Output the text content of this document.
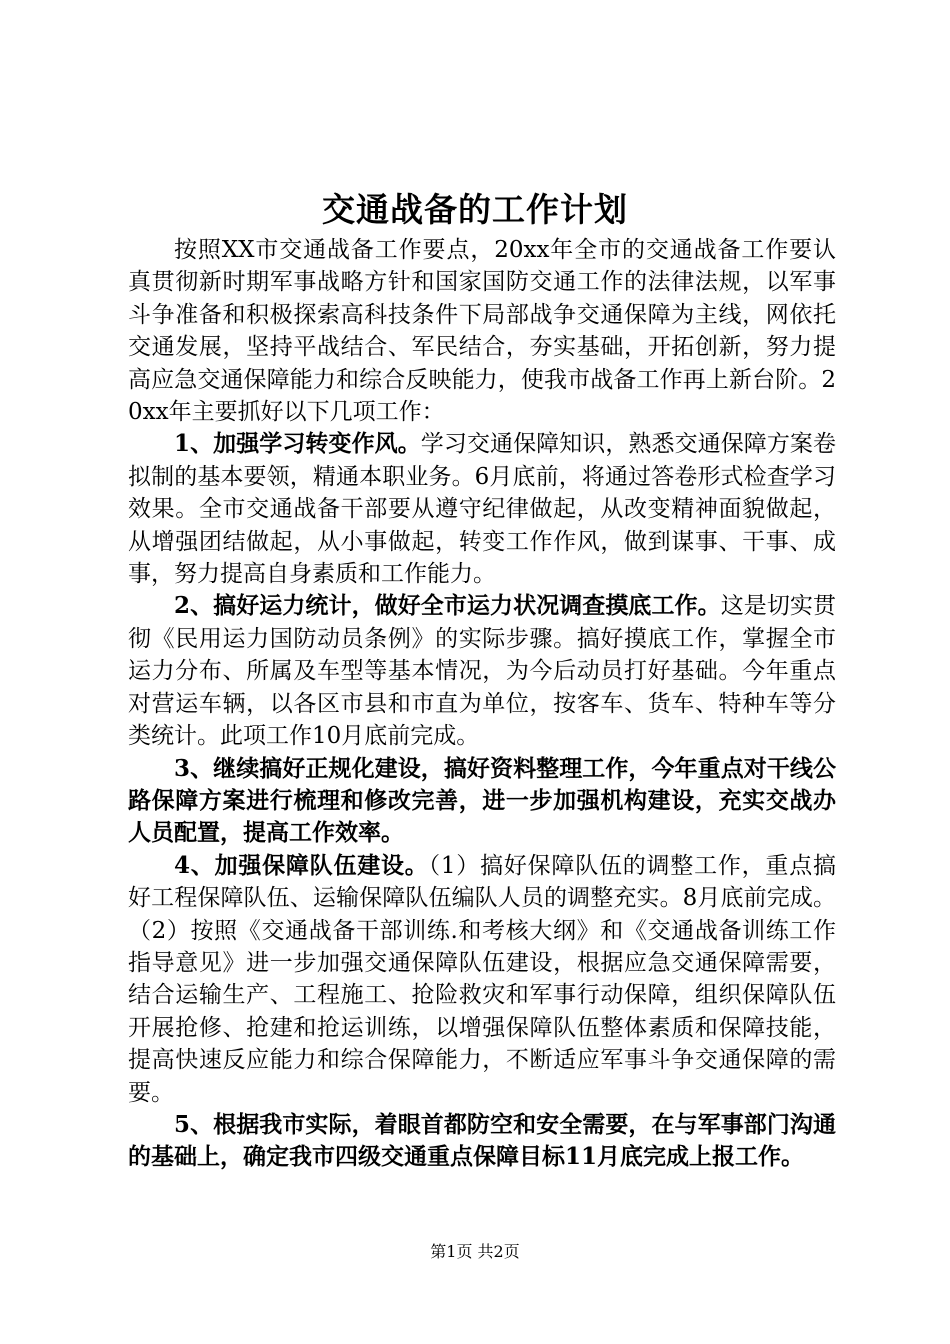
交通战备的工作计划

按照XX市交通战备工作要点，20xx年全市的交通战备工作要认真贯彻新时期军事战略方针和国家国防交通工作的法律法规，以军事斗争准备和积极探索高科技条件下局部战争交通保障为主线，网依托交通发展，坚持平战结合、军民结合，夯实基础，开拓创新，努力提高应急交通保障能力和综合反映能力，使我市战备工作再上新台阶。20xx年主要抓好以下几项工作：

1、加强学习转变作风。学习交通保障知识，熟悉交通保障方案卷拟制的基本要领，精通本职业务。6月底前，将通过答卷形式检查学习效果。全市交通战备干部要从遵守纪律做起，从改变精神面貌做起，从增强团结做起，从小事做起，转变工作作风，做到谋事、干事、成事，努力提高自身素质和工作能力。

2、搞好运力统计，做好全市运力状况调查摸底工作。这是切实贯彻《民用运力国防动员条例》的实际步骤。搞好摸底工作，掌握全市运力分布、所属及车型等基本情况，为今后动员打好基础。今年重点对营运车辆，以各区市县和市直为单位，按客车、货车、特种车等分类统计。此项工作10月底前完成。

3、继续搞好正规化建设，搞好资料整理工作，今年重点对干线公路保障方案进行梳理和修改完善，进一步加强机构建设，充实交战办人员配置，提高工作效率。

4、加强保障队伍建设。（1）搞好保障队伍的调整工作，重点搞好工程保障队伍、运输保障队伍编队人员的调整充实。8月底前完成。（2）按照《交通战备干部训练.和考核大纲》和《交通战备训练工作指导意见》进一步加强交通保障队伍建设，根据应急交通保障需要，结合运输生产、工程施工、抢险救灾和军事行动保障，组织保障队伍开展抢修、抢建和抢运训练，以增强保障队伍整体素质和保障技能，提高快速反应能力和综合保障能力，不断适应军事斗争交通保障的需要。

5、根据我市实际，着眼首都防空和安全需要，在与军事部门沟通的基础上，确定我市四级交通重点保障目标11月底完成上报工作。

第1页 共2页
